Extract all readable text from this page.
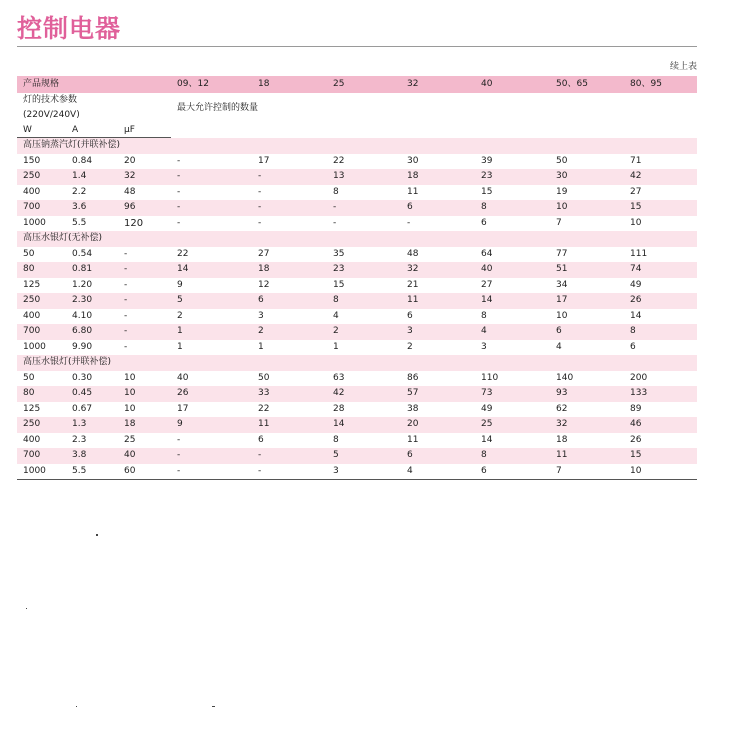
控制电器
续上表
产品规格			09、12	18	25	32	40	50、65	80、95
灯的技术参数			最大允许控制的数量						
(220V/240V)									
W	A	μF							
高压钠蒸汽灯(并联补偿)									
150	0.84	20	-	17	22	30	39	50	71
250	1.4	32	-	-	13	18	23	30	42
400	2.2	48	-	-	8	11	15	19	27
700	3.6	96	-	-	-	6	8	10	15
1000	5.5	120	-	-	-	-	6	7	10
高压水银灯(无补偿)									
50	0.54	-	22	27	35	48	64	77	111
80	0.81	-	14	18	23	32	40	51	74
125	1.20	-	9	12	15	21	27	34	49
250	2.30	-	5	6	8	11	14	17	26
400	4.10	-	2	3	4	6	8	10	14
700	6.80	-	1	2	2	3	4	6	8
1000	9.90	-	1	1	1	2	3	4	6
高压水银灯(并联补偿)									
50	0.30	10	40	50	63	86	110	140	200
80	0.45	10	26	33	42	57	73	93	133
125	0.67	10	17	22	28	38	49	62	89
250	1.3	18	9	11	14	20	25	32	46
400	2.3	25	-	6	8	11	14	18	26
700	3.8	40	-	-	5	6	8	11	15
1000	5.5	60	-	-	3	4	6	7	10
